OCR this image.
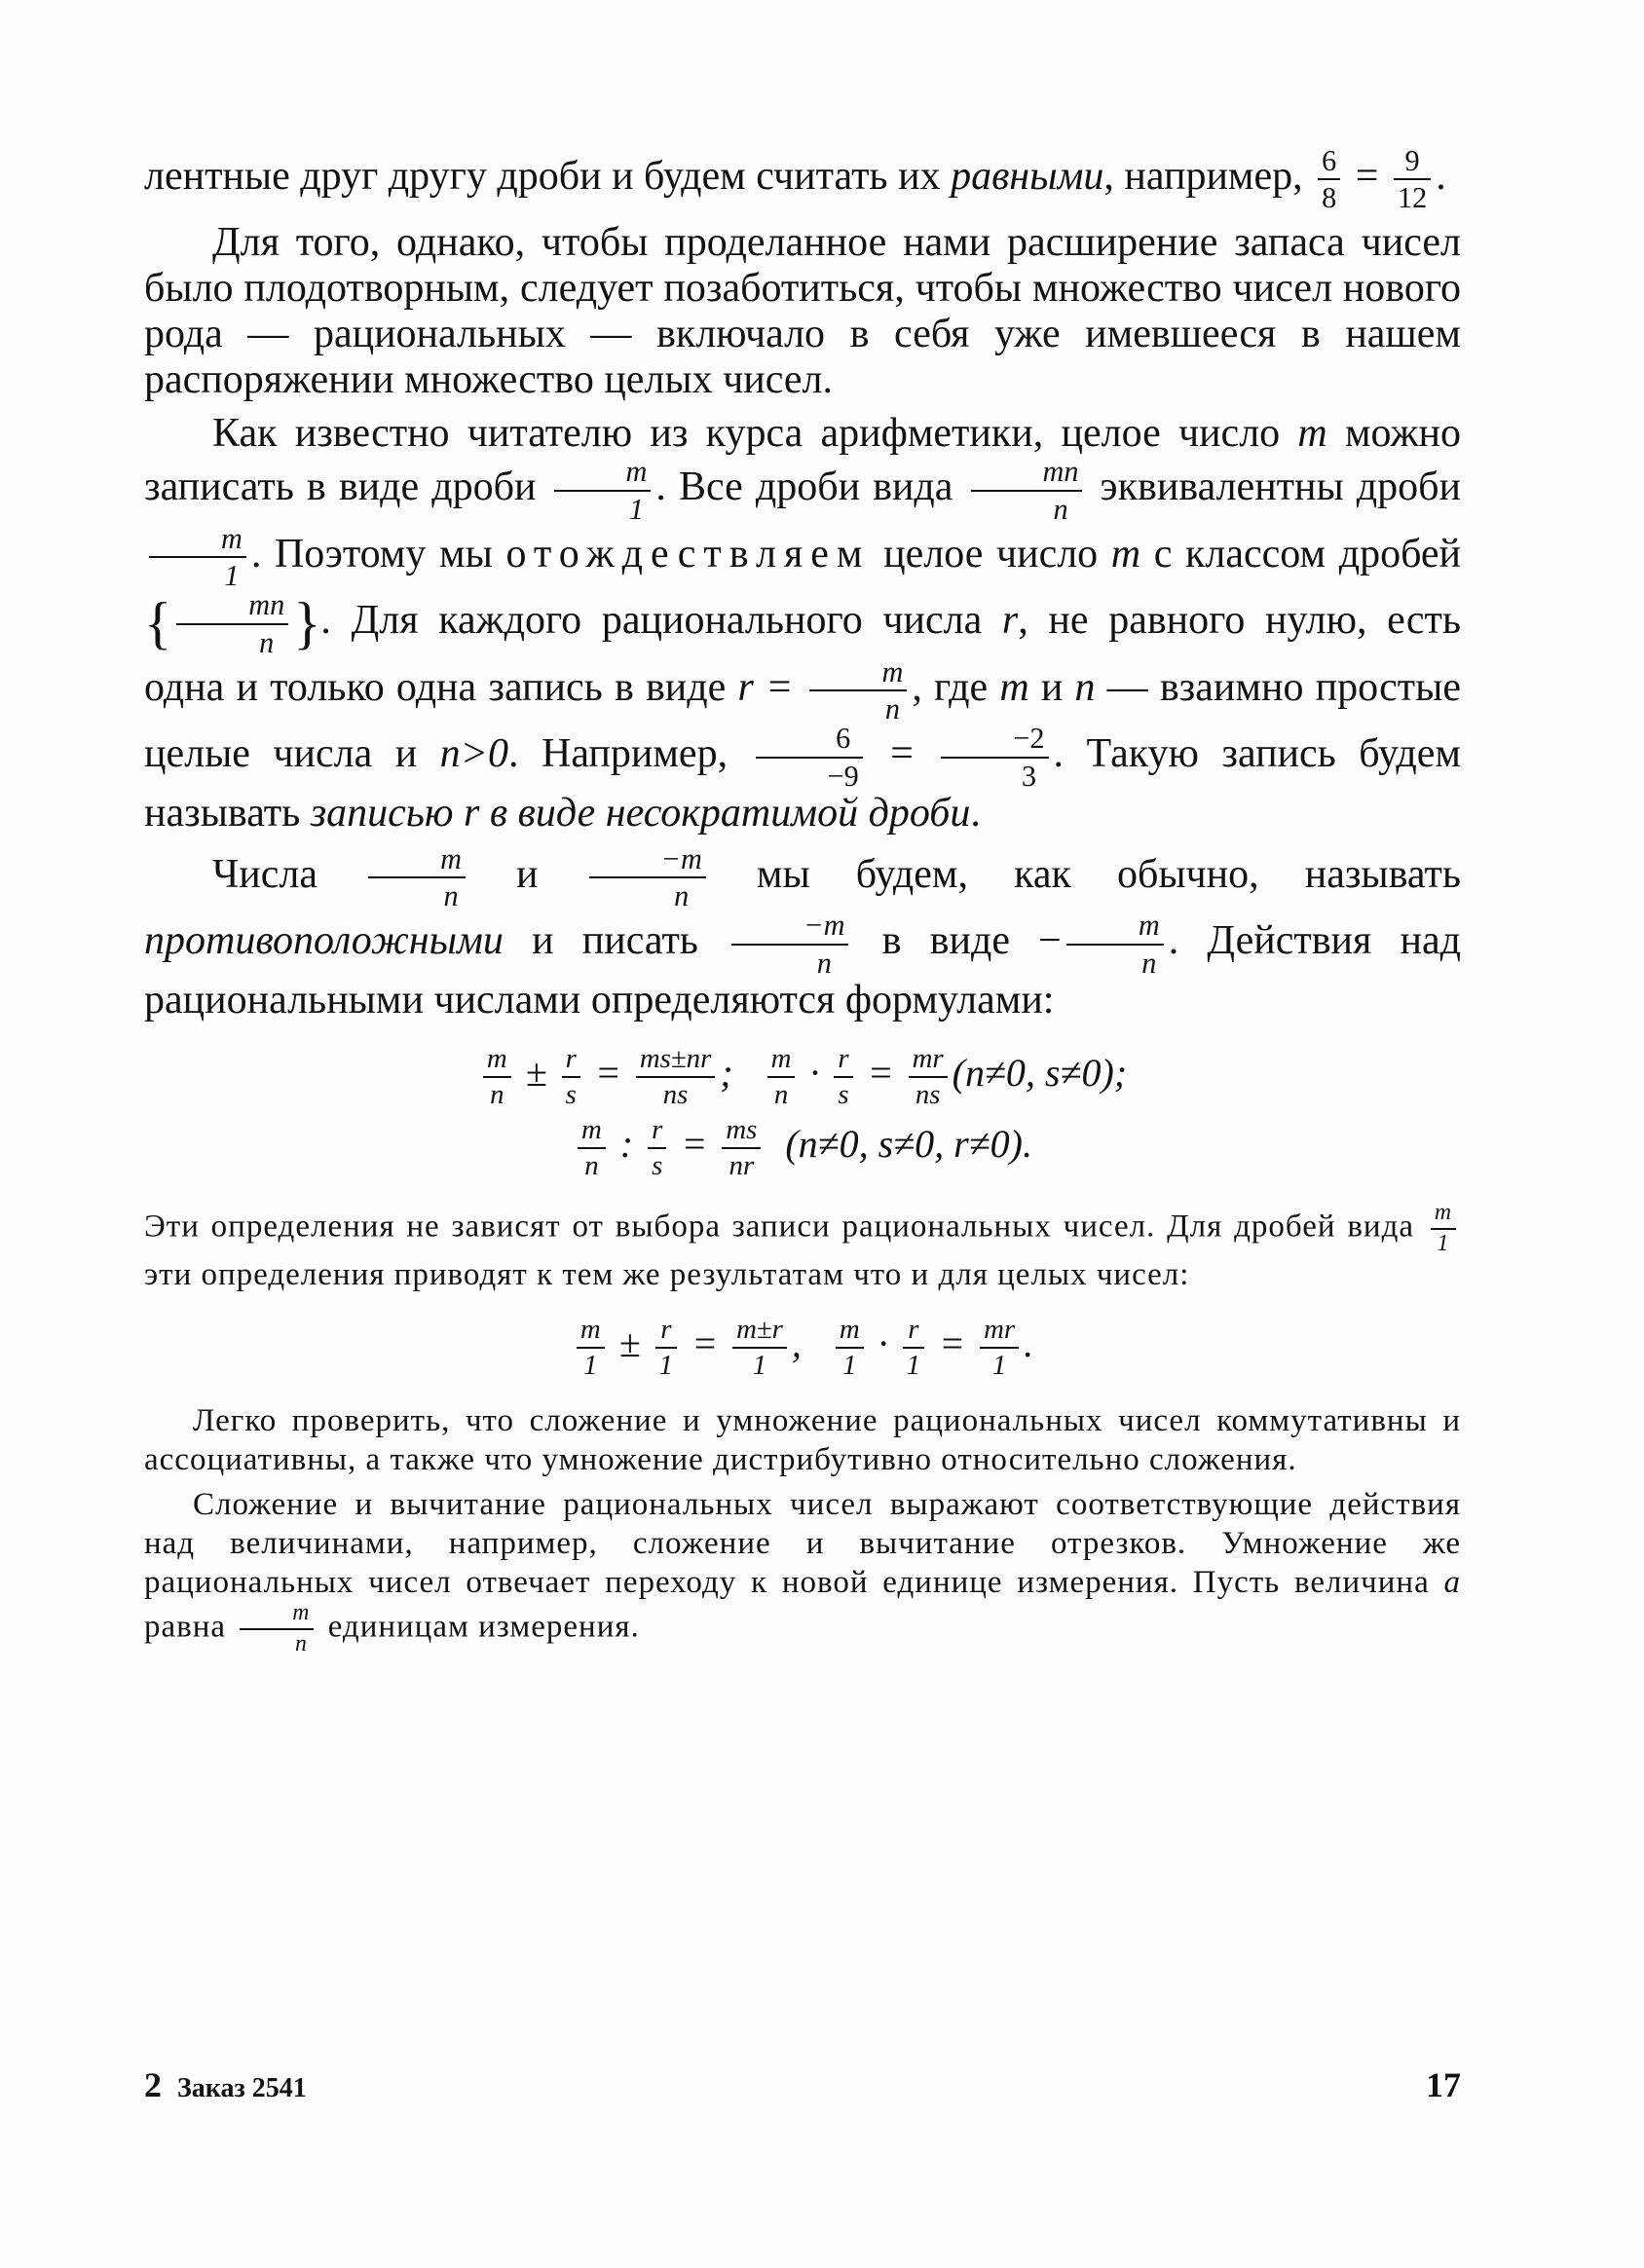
лентные друг другу дроби и будем считать их равными, например, $\frac{6}{8} = \frac{9}{12}$ .

Для того, однако, чтобы проделанное нами расширение запаса чисел было плодотворным, следует позаботиться, чтобы множество чисел нового рода — рациональных — включало в себя уже имевшееся в нашем распоряжении множество целых чисел.

Как известно читателю из курса арифметики, целое число m можно записать в виде дроби $\frac{m}{1}$ . Все дроби вида $\frac{mn}{n}$ эквивалентны дроби
$\frac{m}{1}$ . Поэтому мы отождествляем целое число m с классом дробей { $\frac{mn}{n}$ }. Для каждого рационального числа r, не равного нулю, есть одна и только одна запись в виде $r = \frac{m}{n}$ , где m и n — взаимно простые целые числа и n>0. Например, $\frac{6}{-9} = \frac{-2}{3}$ . Такую запись будем называть записью r в виде несократимой дроби.

Числа $\frac{m}{n}$ и $\frac{-m}{n}$ мы будем, как обычно, называть противоположными и писать $\frac{-m}{n}$ в виде − $\frac{m}{n}$ . Действия над рациональными числами определяются формулами:

$\frac{m}{n} \pm \frac{r}{s} = \frac{ms\pm nr}{ns}$ ; $\frac{m}{n} \cdot \frac{r}{s} = \frac{mr}{ns} (n\ne 0$, s≠0);
$\frac{m}{n}$ : $\frac{r}{s} = \frac{ms}{nr} (n\ne 0$, s≠0, r≠0).

Эти определения не зависят от выбора записи рациональных чисел. Для дробей вида $\frac{m}{1}$
эти определения приводят к тем же результатам что и для целых чисел:

$\frac{m}{1} \pm \frac{r}{1} = \frac{m\pm r}{1}$ , $\frac{m}{1} \cdot \frac{r}{1} = \frac{mr}{1}$ .

Легко проверить, что сложение и умножение рациональных чисел коммутативны и ассоциативны, а также что умножение дистрибутивно относительно сложения.

Сложение и вычитание рациональных чисел выражают соответствующие действия над величинами, например, сложение и вычитание отрезков. Умножение же рациональных чисел отвечает переходу к новой единице измерения. Пусть величина a равна $\frac{m}{n}$ единицам измерения.

2 Заказ 2541	17
